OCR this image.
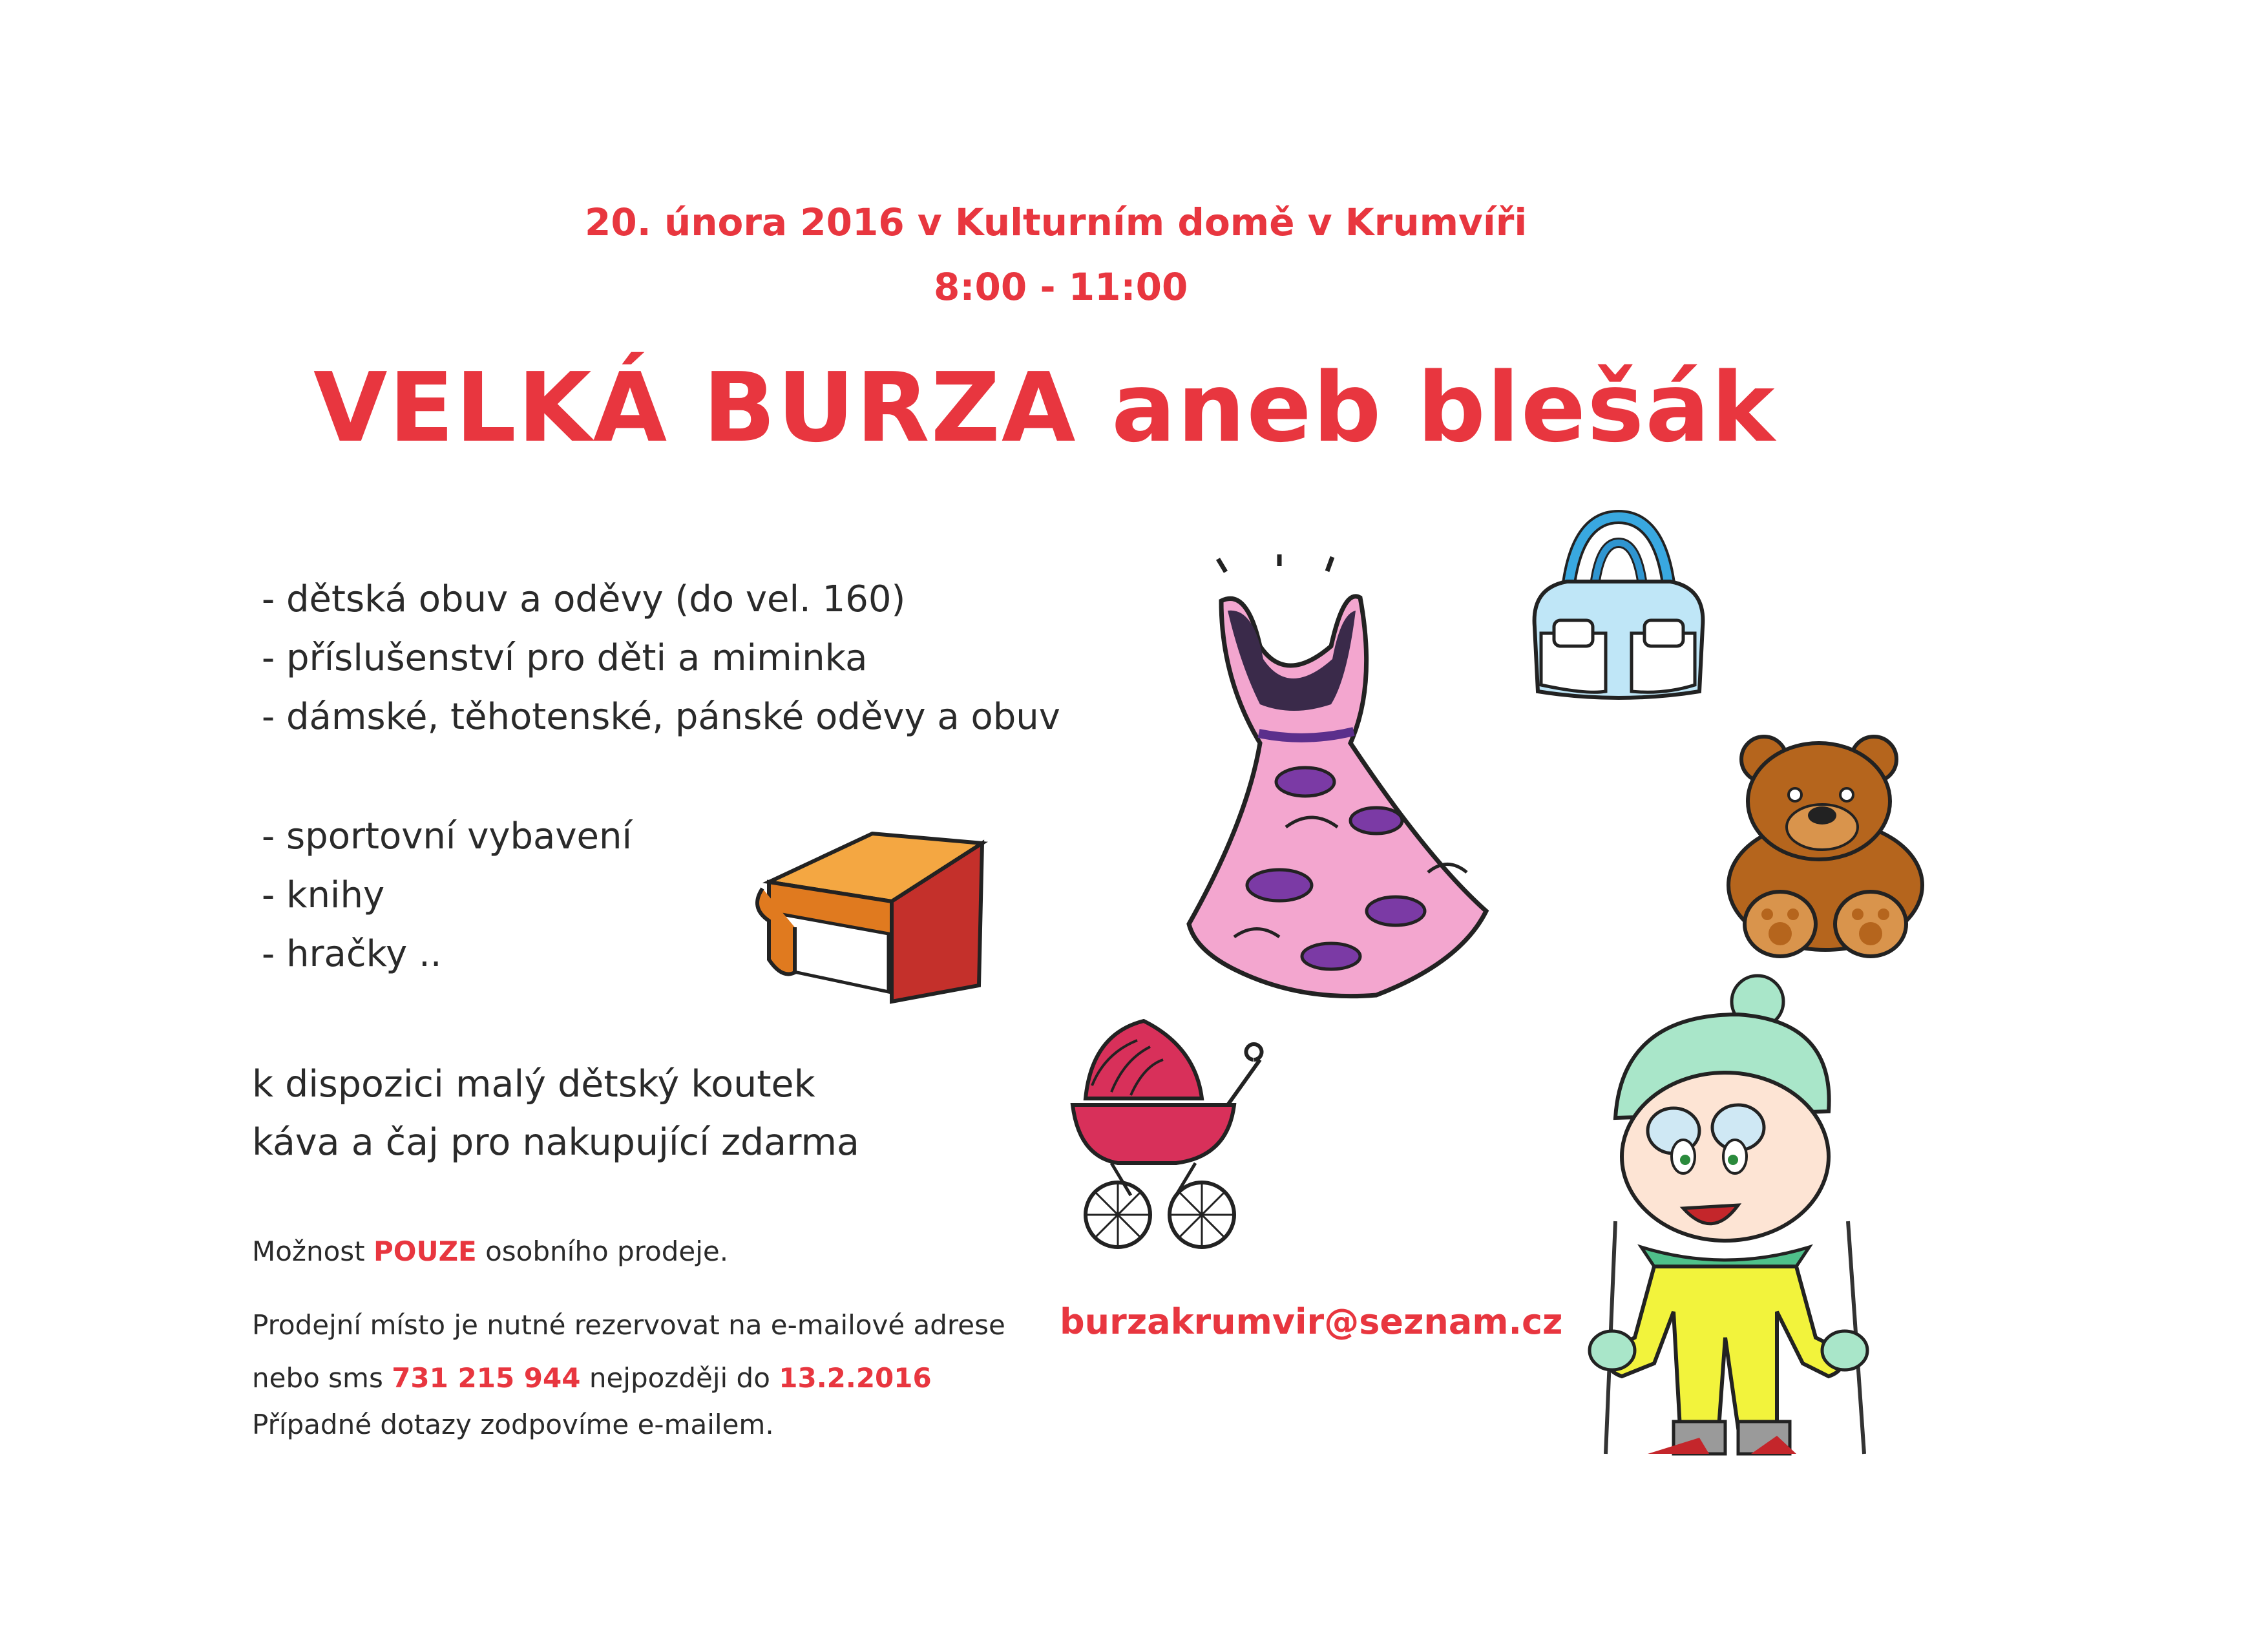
20. února 2016 v Kulturním domě v Krumvíři
8:00 - 11:00
VELKÁ BURZA aneb blešák
- dětská obuv a oděvy (do vel. 160)
- příslušenství pro děti a miminka
- dámské, těhotenské, pánské oděvy a obuv
- sportovní vybavení
- knihy
- hračky ..
k dispozici malý dětský koutek
káva a čaj pro nakupující zdarma
Možnost POUZE osobního prodeje.
Prodejní místo je nutné rezervovat na e-mailové adrese burzakrumvir@seznam.cz
nebo sms 731 215 944 nejpozději do 13.2.2016
Případné dotazy zodpovíme e-mailem.
